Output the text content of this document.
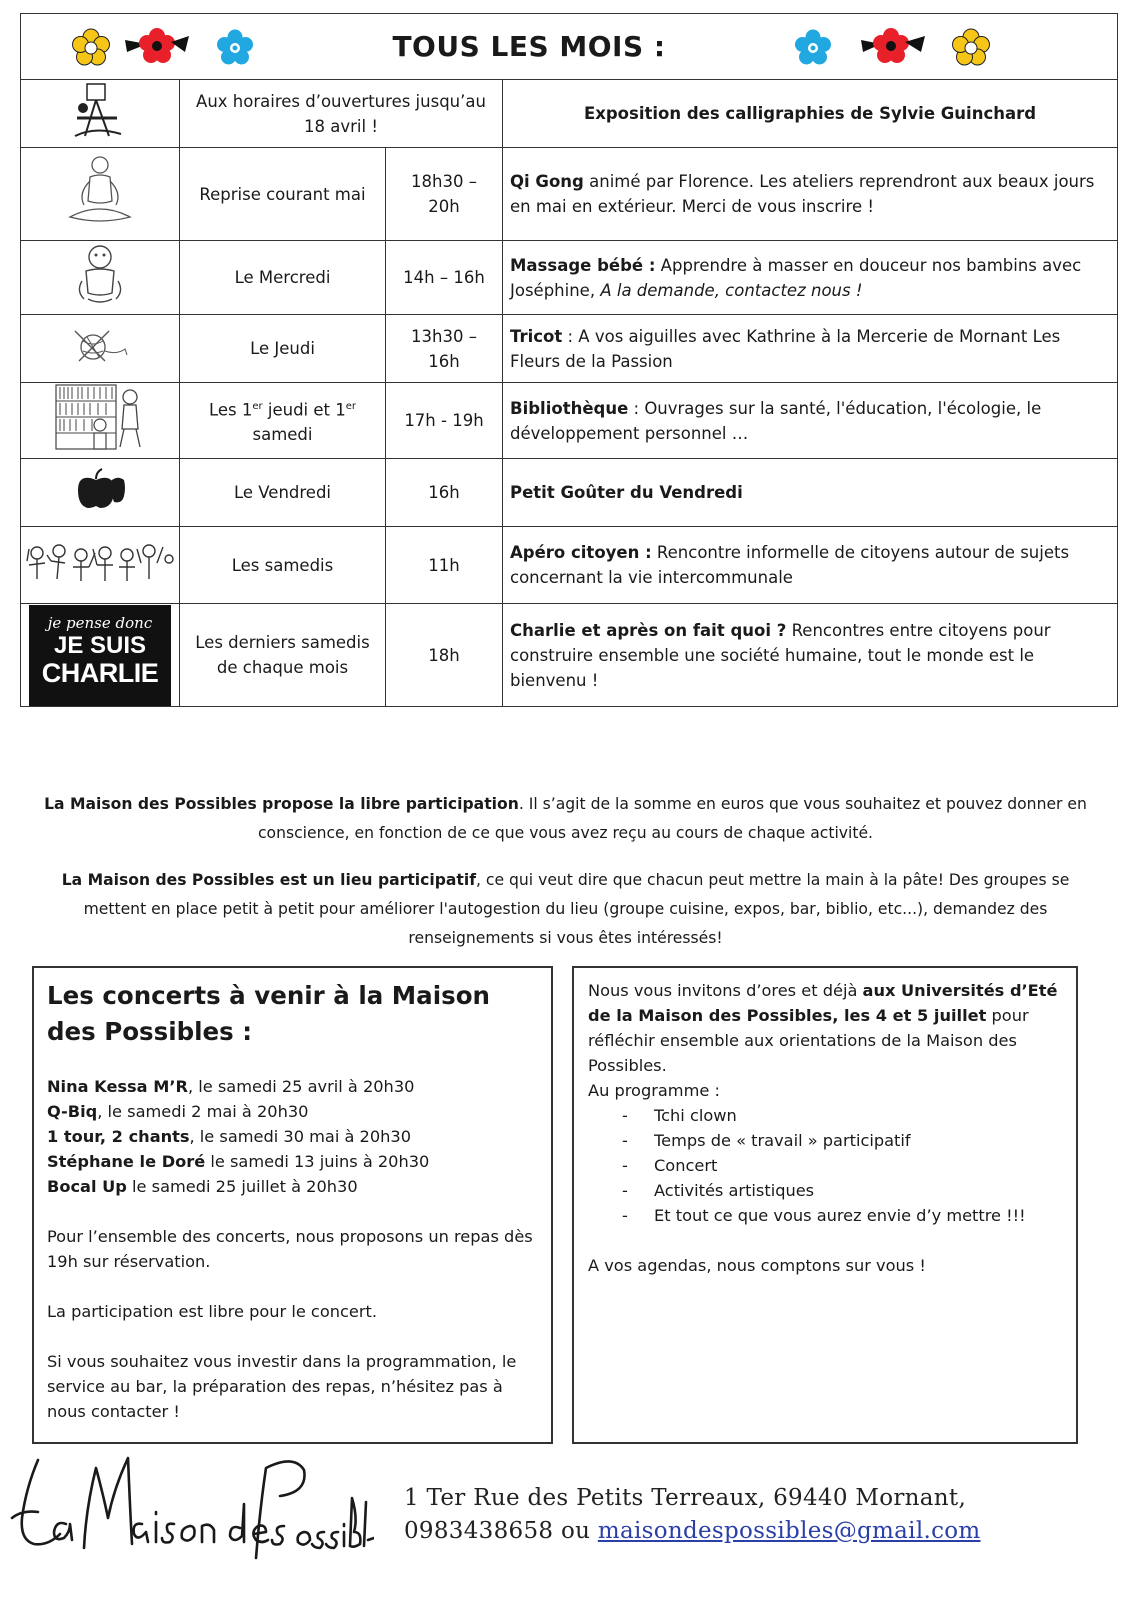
TOUS LES MOIS :			

	Aux horaires d’ouvertures jusqu’au 18 avril !		Exposition des calligraphies de Sylvie Guinchard
	Reprise courant mai	18h30 – 20h	Qi Gong animé par Florence. Les ateliers reprendront aux beaux jours en mai en extérieur. Merci de vous inscrire !
	Le Mercredi	14h – 16h	Massage bébé : Apprendre à masser en douceur nos bambins avec Joséphine, A la demande, contactez nous !
	Le Jeudi	13h30 – 16h	Tricot : A vos aiguilles avec Kathrine à la Mercerie de Mornant Les Fleurs de la Passion
	Les 1er jeudi et 1er samedi	17h - 19h	Bibliothèque : Ouvrages sur la santé, l'éducation, l'écologie, le développement personnel …
	Le Vendredi	16h	Petit Goûter du Vendredi
	Les samedis	11h	Apéro citoyen : Rencontre informelle de citoyens autour de sujets concernant la vie intercommunale

je pense donc
JE SUIS
CHARLIE	Les derniers samedis de chaque mois	18h	Charlie et après on fait quoi ? Rencontres entre citoyens pour construire ensemble une société humaine, tout le monde est le bienvenu !

La Maison des Possibles propose la libre participation. Il s’agit de la somme en euros que vous souhaitez et pouvez donner en conscience, en fonction de ce que vous avez reçu au cours de chaque activité.

La Maison des Possibles est un lieu participatif, ce qui veut dire que chacun peut mettre la main à la pâte! Des groupes se mettent en place petit à petit pour améliorer l'autogestion du lieu (groupe cuisine, expos, bar, biblio, etc...), demandez des renseignements si vous êtes intéressés!

Les concerts à venir à la Maison des Possibles :

Nina Kessa M’R, le samedi 25 avril à 20h30

Q-Biq, le samedi 2 mai à 20h30

1 tour, 2 chants, le samedi 30 mai à 20h30

Stéphane le Doré le samedi 13 juins à 20h30

Bocal Up le samedi 25 juillet à 20h30

Pour l’ensemble des concerts, nous proposons un repas dès 19h sur réservation.

La participation est libre pour le concert.

Si vous souhaitez vous investir dans la programmation, le service au bar, la préparation des repas, n’hésitez pas à nous contacter !

Nous vous invitons d’ores et déjà aux Universités d’Eté de la Maison des Possibles, les 4 et 5 juillet pour réfléchir ensemble aux orientations de la Maison des Possibles.

Au programme :

- Tchi clown
- Temps de « travail » participatif
- Concert
- Activités artistiques
- Et tout ce que vous aurez envie d’y mettre !!!

A vos agendas, nous comptons sur vous !

1 Ter Rue des Petits Terreaux, 69440 Mornant,
0983438658 ou maisondespossibles@gmail.com
